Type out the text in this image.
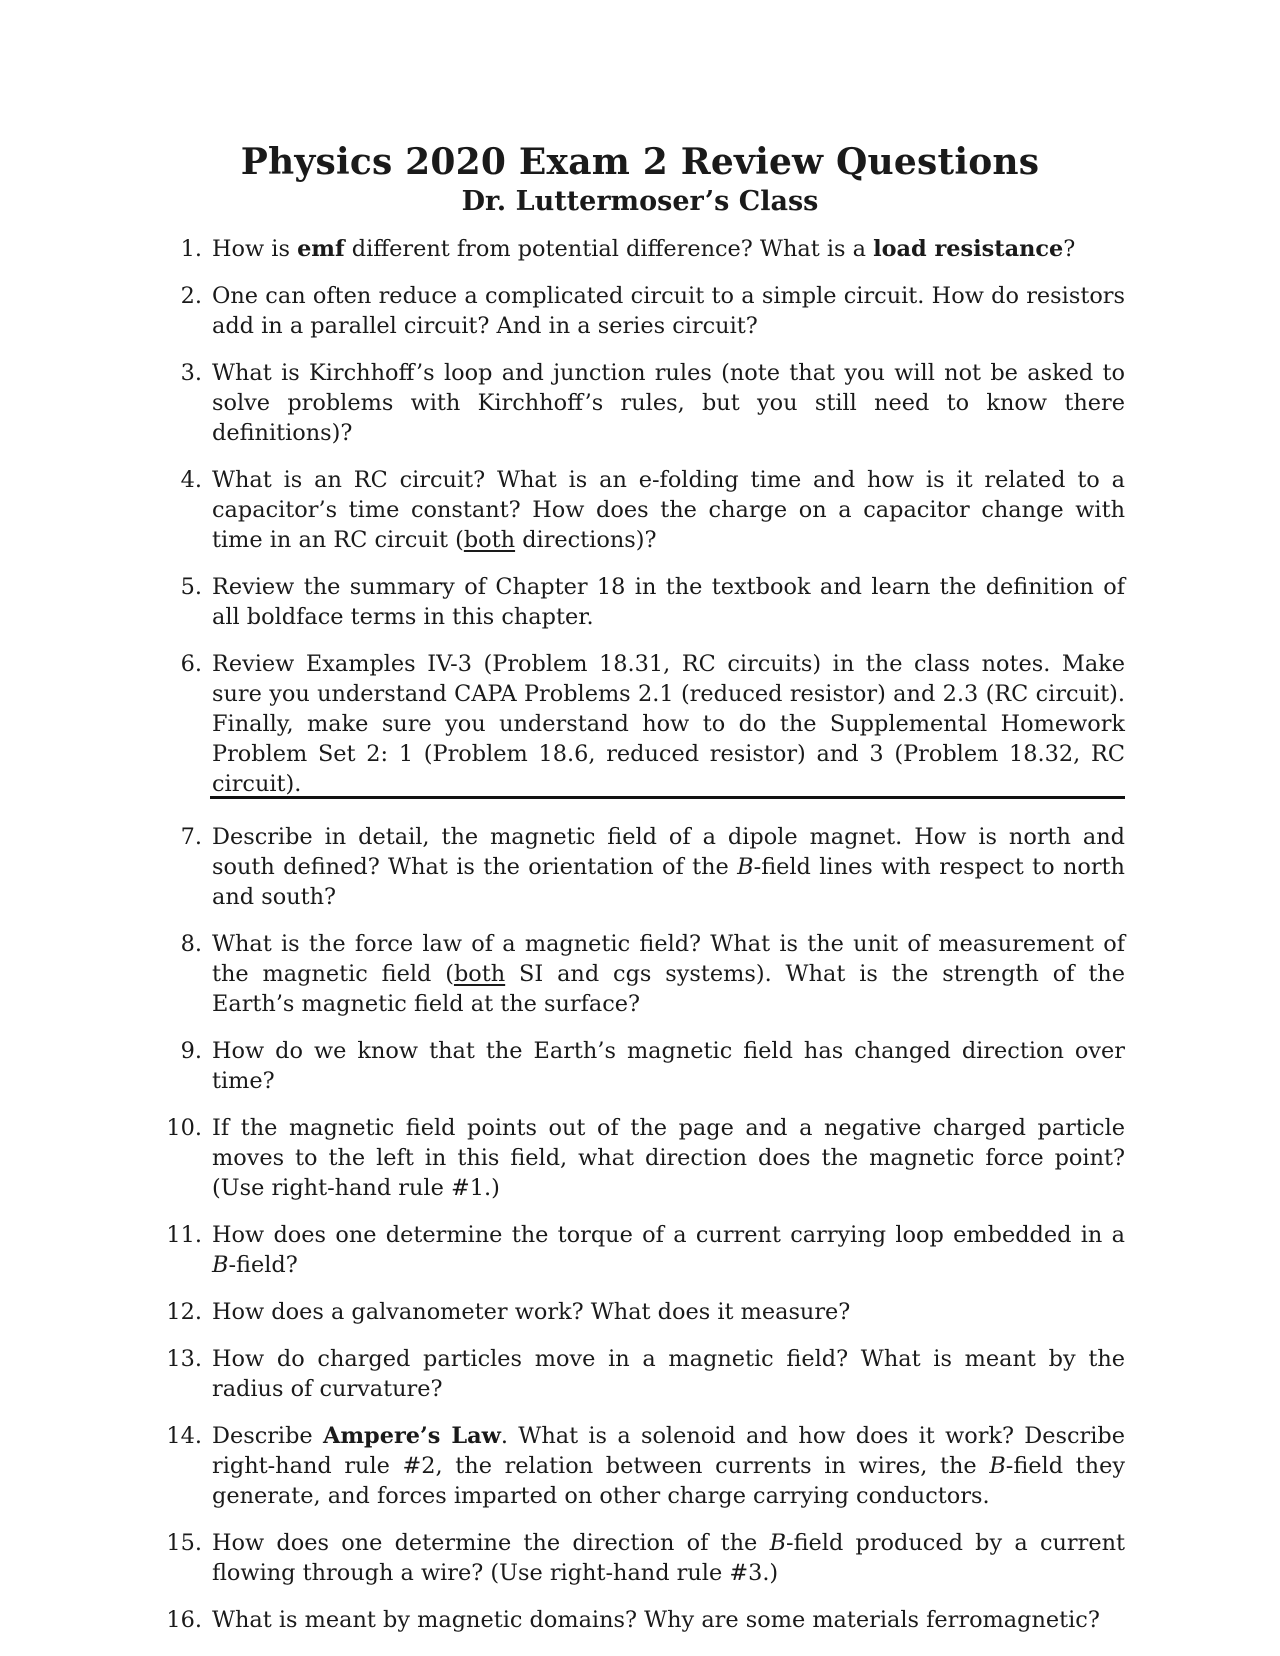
Physics 2020 Exam 2 Review Questions
Dr. Luttermoser’s Class
1. How is emf different from potential difference? What is a load resistance?
2. One can often reduce a complicated circuit to a simple circuit. How do resistors add in a parallel circuit? And in a series circuit?
3. What is Kirchhoff’s loop and junction rules (note that you will not be asked to solve problems with Kirchhoff’s rules, but you still need to know there definitions)?
4. What is an RC circuit? What is an e-folding time and how is it related to a capacitor’s time constant? How does the charge on a capacitor change with time in an RC circuit (both directions)?
5. Review the summary of Chapter 18 in the textbook and learn the definition of all boldface terms in this chapter.
6. Review Examples IV-3 (Problem 18.31, RC circuits) in the class notes. Make sure you understand CAPA Problems 2.1 (reduced resistor) and 2.3 (RC circuit). Finally, make sure you understand how to do the Supplemental Homework Problem Set 2: 1 (Problem 18.6, reduced resistor) and 3 (Problem 18.32, RC circuit).
7. Describe in detail, the magnetic field of a dipole magnet. How is north and south defined? What is the orientation of the B-field lines with respect to north and south?
8. What is the force law of a magnetic field? What is the unit of measurement of the magnetic field (both SI and cgs systems). What is the strength of the Earth’s magnetic field at the surface?
9. How do we know that the Earth’s magnetic field has changed direction over time?
10. If the magnetic field points out of the page and a negative charged particle moves to the left in this field, what direction does the magnetic force point? (Use right-hand rule #1.)
11. How does one determine the torque of a current carrying loop embedded in a B-field?
12. How does a galvanometer work? What does it measure?
13. How do charged particles move in a magnetic field? What is meant by the radius of curvature?
14. Describe Ampere’s Law. What is a solenoid and how does it work? Describe right-hand rule #2, the relation between currents in wires, the B-field they generate, and forces imparted on other charge carrying conductors.
15. How does one determine the direction of the B-field produced by a current flowing through a wire? (Use right-hand rule #3.)
16. What is meant by magnetic domains? Why are some materials ferromagnetic?
